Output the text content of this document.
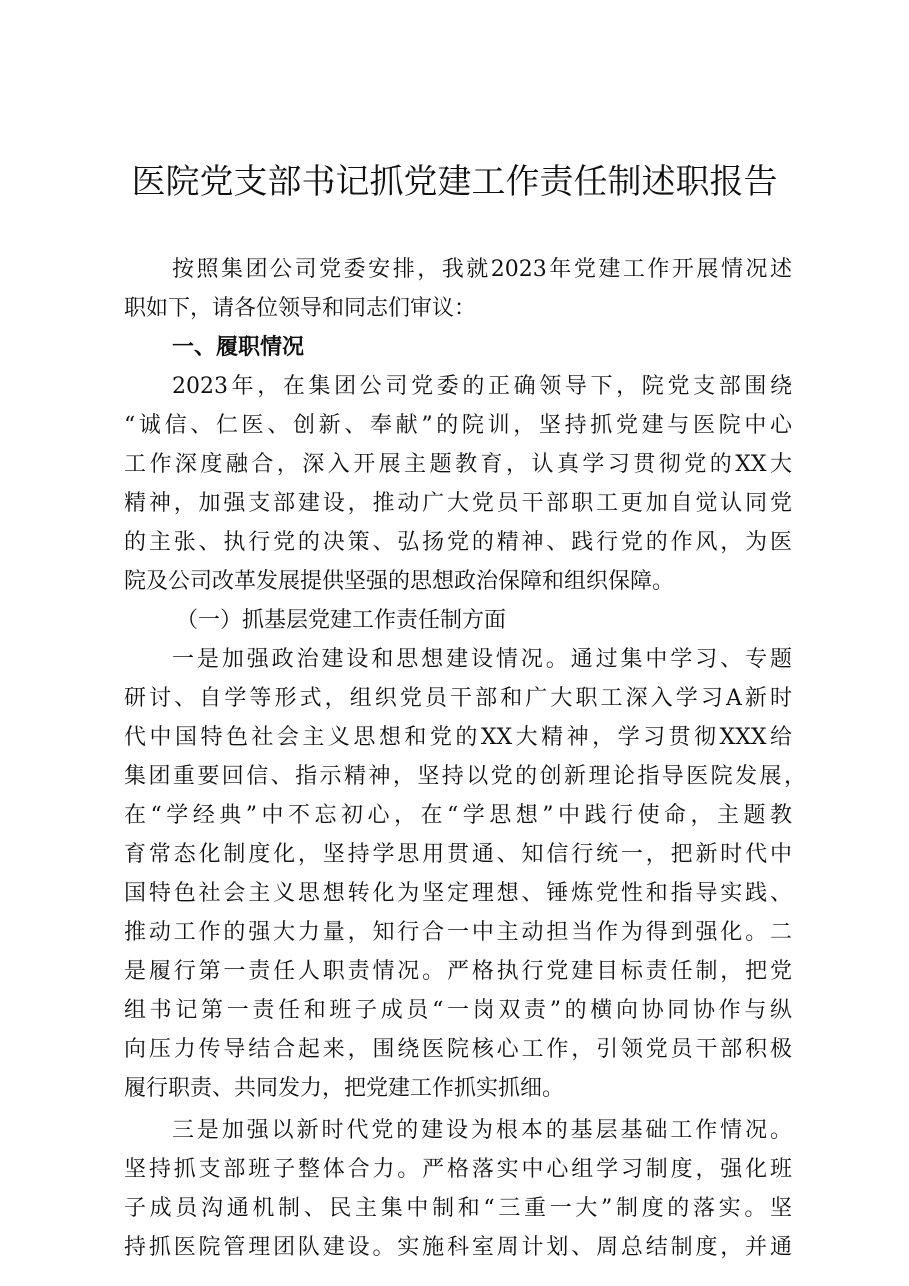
医院党支部书记抓党建工作责任制述职报告
按照集团公司党委安排，我就2023年党建工作开展情况述
职如下，请各位领导和同志们审议：
一、履职情况
2023年，在集团公司党委的正确领导下，院党支部围绕
“诚信、仁医、创新、奉献”的院训，坚持抓党建与医院中心
工作深度融合，深入开展主题教育，认真学习贯彻党的XX大
精神，加强支部建设，推动广大党员干部职工更加自觉认同党
的主张、执行党的决策、弘扬党的精神、践行党的作风，为医
院及公司改革发展提供坚强的思想政治保障和组织保障。
（一）抓基层党建工作责任制方面
一是加强政治建设和思想建设情况。通过集中学习、专题
研讨、自学等形式，组织党员干部和广大职工深入学习A新时
代中国特色社会主义思想和党的XX大精神，学习贯彻XXX给
集团重要回信、指示精神，坚持以党的创新理论指导医院发展，
在“学经典”中不忘初心，在“学思想”中践行使命，主题教
育常态化制度化，坚持学思用贯通、知信行统一，把新时代中
国特色社会主义思想转化为坚定理想、锤炼党性和指导实践、
推动工作的强大力量，知行合一中主动担当作为得到强化。二
是履行第一责任人职责情况。严格执行党建目标责任制，把党
组书记第一责任和班子成员“一岗双责”的横向协同协作与纵
向压力传导结合起来，围绕医院核心工作，引领党员干部积极
履行职责、共同发力，把党建工作抓实抓细。
三是加强以新时代党的建设为根本的基层基础工作情况。
坚持抓支部班子整体合力。严格落实中心组学习制度，强化班
子成员沟通机制、民主集中制和“三重一大”制度的落实。坚
持抓医院管理团队建设。实施科室周计划、周总结制度，并通
